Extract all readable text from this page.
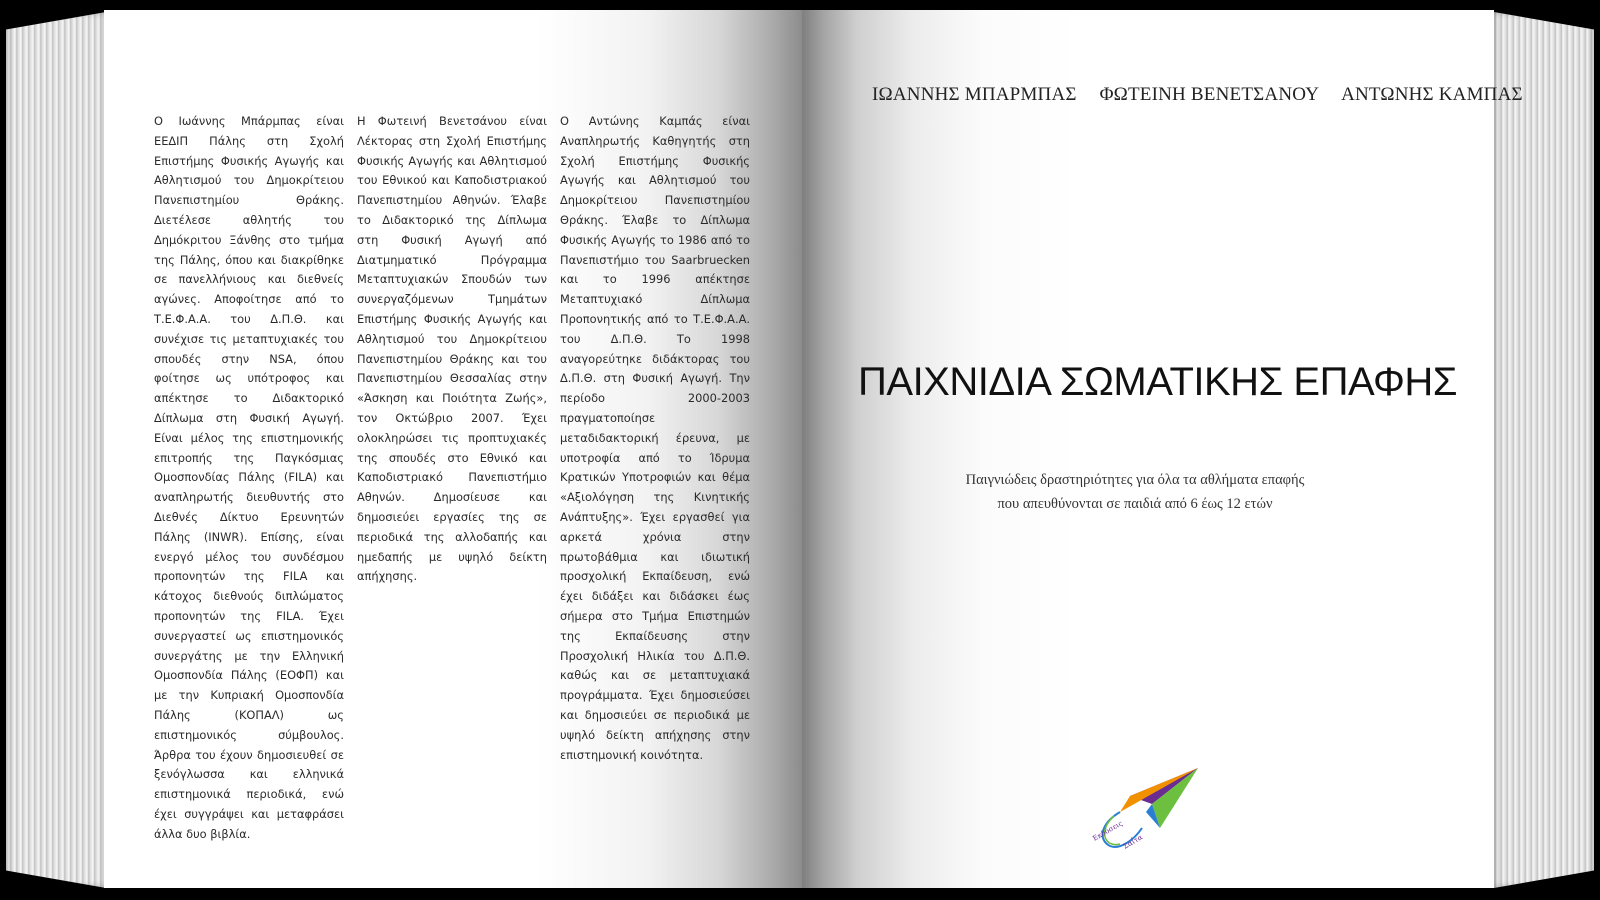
Ο Ιωάννης Μπάρμπας είναι ΕΕΔΙΠ Πάλης στη Σχολή Επιστήμης Φυσικής Αγωγής και Αθλητισμού του Δημοκρίτειου Πανεπιστημίου Θράκης. Διετέλεσε αθλητής του Δημόκριτου Ξάνθης στο τμήμα της Πάλης, όπου και διακρίθηκε σε πανελλήνιους και διεθνείς αγώνες. Αποφοίτησε από το Τ.Ε.Φ.Α.Α. του Δ.Π.Θ. και συνέχισε τις μεταπτυχιακές του σπουδές στην NSA, όπου φοίτησε ως υπότροφος και απέκτησε το Διδακτορικό Δίπλωμα στη Φυσική Αγωγή. Είναι μέλος της επιστημονικής επιτροπής της Παγκόσμιας Ομοσπονδίας Πάλης (FILA) και αναπληρωτής διευθυντής στο Διεθνές Δίκτυο Ερευνητών Πάλης (INWR). Επίσης, είναι ενεργό μέλος του συνδέσμου προπονητών της FILA και κάτοχος διεθνούς διπλώματος προπονητών της FILA. Έχει συνεργαστεί ως επιστημονικός συνεργάτης με την Ελληνική Ομοσπονδία Πάλης (ΕΟΦΠ) και με την Κυπριακή Ομοσπονδία Πάλης (ΚΟΠΑΛ) ως επιστημονικός σύμβουλος. Άρθρα του έχουν δημοσιευθεί σε ξενόγλωσσα και ελληνικά επιστημονικά περιοδικά, ενώ έχει συγγράψει και μεταφράσει άλλα δυο βιβλία.
Η Φωτεινή Βενετσάνου είναι Λέκτορας στη Σχολή Επιστήμης Φυσικής Αγωγής και Αθλητισμού του Εθνικού και Καποδιστριακού Πανεπιστημίου Αθηνών. Έλαβε το Διδακτορικό της Δίπλωμα στη Φυσική Αγωγή από Διατμηματικό Πρόγραμμα Μεταπτυχιακών Σπουδών των συνεργαζόμενων Τμημάτων Επιστήμης Φυσικής Αγωγής και Αθλητισμού του Δημοκρίτειου Πανεπιστημίου Θράκης και του Πανεπιστημίου Θεσσαλίας στην «Άσκηση και Ποιότητα Ζωής», τον Οκτώβριο 2007. Έχει ολοκληρώσει τις προπτυχιακές της σπουδές στο Εθνικό και Καποδιστριακό Πανεπιστήμιο Αθηνών. Δημοσίευσε και δημοσιεύει εργασίες της σε περιοδικά της αλλοδαπής και ημεδαπής με υψηλό δείκτη απήχησης.
Ο Αντώνης Καμπάς είναι Αναπληρωτής Καθηγητής στη Σχολή Επιστήμης Φυσικής Αγωγής και Αθλητισμού του Δημοκρίτειου Πανεπιστημίου Θράκης. Έλαβε το Δίπλωμα Φυσικής Αγωγής το 1986 από το Πανεπιστήμιο του Saarbruecken και το 1996 απέκτησε Μεταπτυχιακό Δίπλωμα Προπονητικής από το Τ.Ε.Φ.Α.Α. του Δ.Π.Θ. Το 1998 αναγορεύτηκε διδάκτορας του Δ.Π.Θ. στη Φυσική Αγωγή. Την περίοδο 2000-2003 πραγματοποίησε μεταδιδακτορική έρευνα, με υποτροφία από το Ίδρυμα Κρατικών Υποτροφιών και θέμα «Αξιολόγηση της Κινητικής Ανάπτυξης». Έχει εργασθεί για αρκετά χρόνια στην πρωτοβάθμια και ιδιωτική προσχολική Εκπαίδευση, ενώ έχει διδάξει και διδάσκει έως σήμερα στο Τμήμα Επιστημών της Εκπαίδευσης στην Προσχολική Ηλικία του Δ.Π.Θ. καθώς και σε μεταπτυχιακά προγράμματα. Έχει δημοσιεύσει και δημοσιεύει σε περιοδικά με υψηλό δείκτη απήχησης στην επιστημονική κοινότητα.
ΙΩΑΝΝΗΣ ΜΠΑΡΜΠΑΣ ΦΩΤΕΙΝΗ ΒΕΝΕΤΣΑΝΟΥ ΑΝΤΩΝΗΣ ΚΑΜΠΑΣ
ΠΑΙΧΝΙΔΙΑ ΣΩΜΑΤΙΚΗΣ ΕΠΑΦΗΣ
Παιγνιώδεις δραστηριότητες για όλα τα αθλήματα επαφής
που απευθύνονται σε παιδιά από 6 έως 12 ετών
Εκδόσεις
Σαΐτα
